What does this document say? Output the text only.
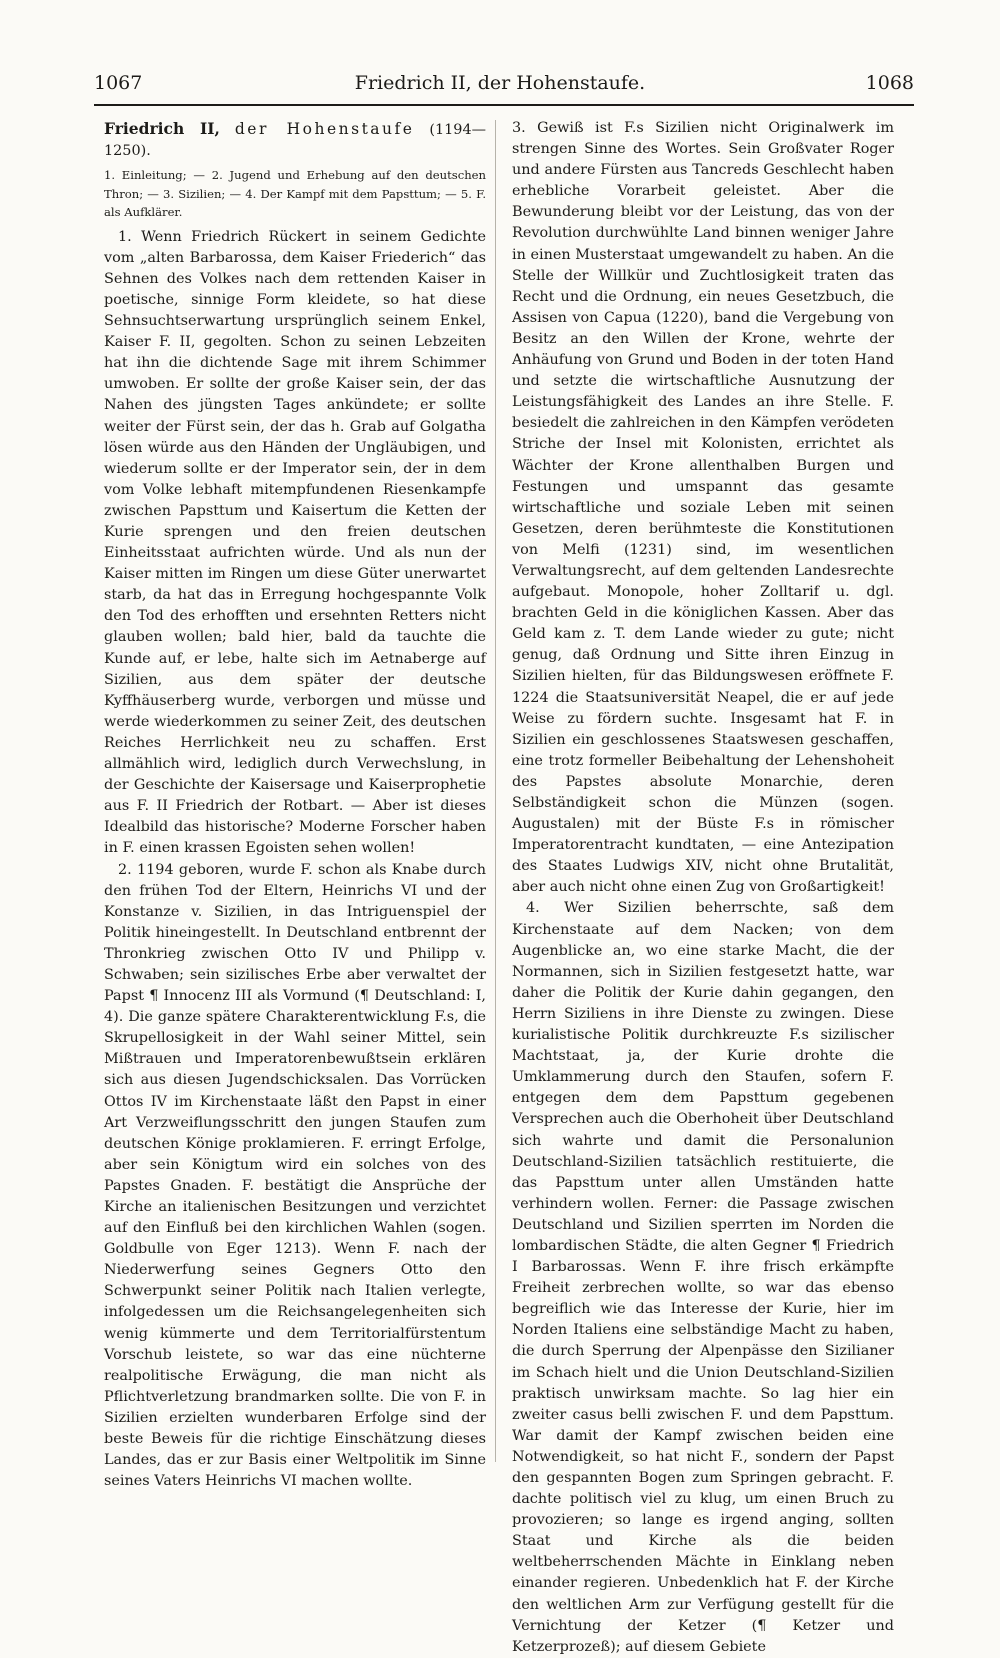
1067	Friedrich II, der Hohenstaufe.	1068

Friedrich II, der Hohenstaufe (1194—1250).

1. Einleitung; — 2. Jugend und Erhebung auf den deutschen Thron; — 3. Sizilien; — 4. Der Kampf mit dem Papsttum; — 5. F. als Aufklärer.

1. Wenn Friedrich Rückert in seinem Gedichte vom „alten Barbarossa, dem Kaiser Friederich“ das Sehnen des Volkes nach dem rettenden Kaiser in poetische, sinnige Form kleidete, so hat diese Sehnsuchtserwartung ursprünglich seinem Enkel, Kaiser F. II, gegolten. Schon zu seinen Lebzeiten hat ihn die dichtende Sage mit ihrem Schimmer umwoben. Er sollte der große Kaiser sein, der das Nahen des jüngsten Tages ankündete; er sollte weiter der Fürst sein, der das h. Grab auf Golgatha lösen würde aus den Händen der Ungläubigen, und wiederum sollte er der Imperator sein, der in dem vom Volke lebhaft mitempfundenen Riesenkampfe zwischen Papsttum und Kaisertum die Ketten der Kurie sprengen und den freien deutschen Einheitsstaat aufrichten würde. Und als nun der Kaiser mitten im Ringen um diese Güter unerwartet starb, da hat das in Erregung hochgespannte Volk den Tod des erhofften und ersehnten Retters nicht glauben wollen; bald hier, bald da tauchte die Kunde auf, er lebe, halte sich im Aetnaberge auf Sizilien, aus dem später der deutsche Kyffhäuserberg wurde, verborgen und müsse und werde wiederkommen zu seiner Zeit, des deutschen Reiches Herrlichkeit neu zu schaffen. Erst allmählich wird, lediglich durch Verwechslung, in der Geschichte der Kaisersage und Kaiserprophetie aus F. II Friedrich der Rotbart. — Aber ist dieses Idealbild das historische? Moderne Forscher haben in F. einen krassen Egoisten sehen wollen!

2. 1194 geboren, wurde F. schon als Knabe durch den frühen Tod der Eltern, Heinrichs VI und der Konstanze v. Sizilien, in das Intriguenspiel der Politik hineingestellt. In Deutschland entbrennt der Thronkrieg zwischen Otto IV und Philipp v. Schwaben; sein sizilisches Erbe aber verwaltet der Papst ¶ Innocenz III als Vormund (¶ Deutschland: I, 4). Die ganze spätere Charakterentwicklung F.s, die Skrupellosigkeit in der Wahl seiner Mittel, sein Mißtrauen und Imperatorenbewußtsein erklären sich aus diesen Jugendschicksalen. Das Vorrücken Ottos IV im Kirchenstaate läßt den Papst in einer Art Verzweiflungsschritt den jungen Staufen zum deutschen Könige proklamieren. F. erringt Erfolge, aber sein Königtum wird ein solches von des Papstes Gnaden. F. bestätigt die Ansprüche der Kirche an italienischen Besitzungen und verzichtet auf den Einfluß bei den kirchlichen Wahlen (sogen. Goldbulle von Eger 1213). Wenn F. nach der Niederwerfung seines Gegners Otto den Schwerpunkt seiner Politik nach Italien verlegte, infolgedessen um die Reichsangelegenheiten sich wenig kümmerte und dem Territorialfürstentum Vorschub leistete, so war das eine nüchterne realpolitische Erwägung, die man nicht als Pflichtverletzung brandmarken sollte. Die von F. in Sizilien erzielten wunderbaren Erfolge sind der beste Beweis für die richtige Einschätzung dieses Landes, das er zur Basis einer Weltpolitik im Sinne seines Vaters Heinrichs VI machen wollte.

3. Gewiß ist F.s Sizilien nicht Originalwerk im strengen Sinne des Wortes. Sein Großvater Roger und andere Fürsten aus Tancreds Geschlecht haben erhebliche Vorarbeit geleistet. Aber die Bewunderung bleibt vor der Leistung, das von der Revolution durchwühlte Land binnen weniger Jahre in einen Musterstaat umgewandelt zu haben. An die Stelle der Willkür und Zuchtlosigkeit traten das Recht und die Ordnung, ein neues Gesetzbuch, die Assisen von Capua (1220), band die Vergebung von Besitz an den Willen der Krone, wehrte der Anhäufung von Grund und Boden in der toten Hand und setzte die wirtschaftliche Ausnutzung der Leistungsfähigkeit des Landes an ihre Stelle. F. besiedelt die zahlreichen in den Kämpfen verödeten Striche der Insel mit Kolonisten, errichtet als Wächter der Krone allenthalben Burgen und Festungen und umspannt das gesamte wirtschaftliche und soziale Leben mit seinen Gesetzen, deren berühmteste die Konstitutionen von Melfi (1231) sind, im wesentlichen Verwaltungsrecht, auf dem geltenden Landesrechte aufgebaut. Monopole, hoher Zolltarif u. dgl. brachten Geld in die königlichen Kassen. Aber das Geld kam z. T. dem Lande wieder zu gute; nicht genug, daß Ordnung und Sitte ihren Einzug in Sizilien hielten, für das Bildungswesen eröffnete F. 1224 die Staatsuniversität Neapel, die er auf jede Weise zu fördern suchte. Insgesamt hat F. in Sizilien ein geschlossenes Staatswesen geschaffen, eine trotz formeller Beibehaltung der Lehenshoheit des Papstes absolute Monarchie, deren Selbständigkeit schon die Münzen (sogen. Augustalen) mit der Büste F.s in römischer Imperatorentracht kundtaten, — eine Antezipation des Staates Ludwigs XIV, nicht ohne Brutalität, aber auch nicht ohne einen Zug von Großartigkeit!

4. Wer Sizilien beherrschte, saß dem Kirchenstaate auf dem Nacken; von dem Augenblicke an, wo eine starke Macht, die der Normannen, sich in Sizilien festgesetzt hatte, war daher die Politik der Kurie dahin gegangen, den Herrn Siziliens in ihre Dienste zu zwingen. Diese kurialistische Politik durchkreuzte F.s sizilischer Machtstaat, ja, der Kurie drohte die Umklammerung durch den Staufen, sofern F. entgegen dem dem Papsttum gegebenen Versprechen auch die Oberhoheit über Deutschland sich wahrte und damit die Personalunion Deutschland-Sizilien tatsächlich restituierte, die das Papsttum unter allen Umständen hatte verhindern wollen. Ferner: die Passage zwischen Deutschland und Sizilien sperrten im Norden die lombardischen Städte, die alten Gegner ¶ Friedrich I Barbarossas. Wenn F. ihre frisch erkämpfte Freiheit zerbrechen wollte, so war das ebenso begreiflich wie das Interesse der Kurie, hier im Norden Italiens eine selbständige Macht zu haben, die durch Sperrung der Alpenpässe den Sizilianer im Schach hielt und die Union Deutschland-Sizilien praktisch unwirksam machte. So lag hier ein zweiter casus belli zwischen F. und dem Papsttum. War damit der Kampf zwischen beiden eine Notwendigkeit, so hat nicht F., sondern der Papst den gespannten Bogen zum Springen gebracht. F. dachte politisch viel zu klug, um einen Bruch zu provozieren; so lange es irgend anging, sollten Staat und Kirche als die beiden weltbeherrschenden Mächte in Einklang neben einander regieren. Unbedenklich hat F. der Kirche den weltlichen Arm zur Verfügung gestellt für die Vernichtung der Ketzer (¶ Ketzer und Ketzerprozeß); auf diesem Gebiete
